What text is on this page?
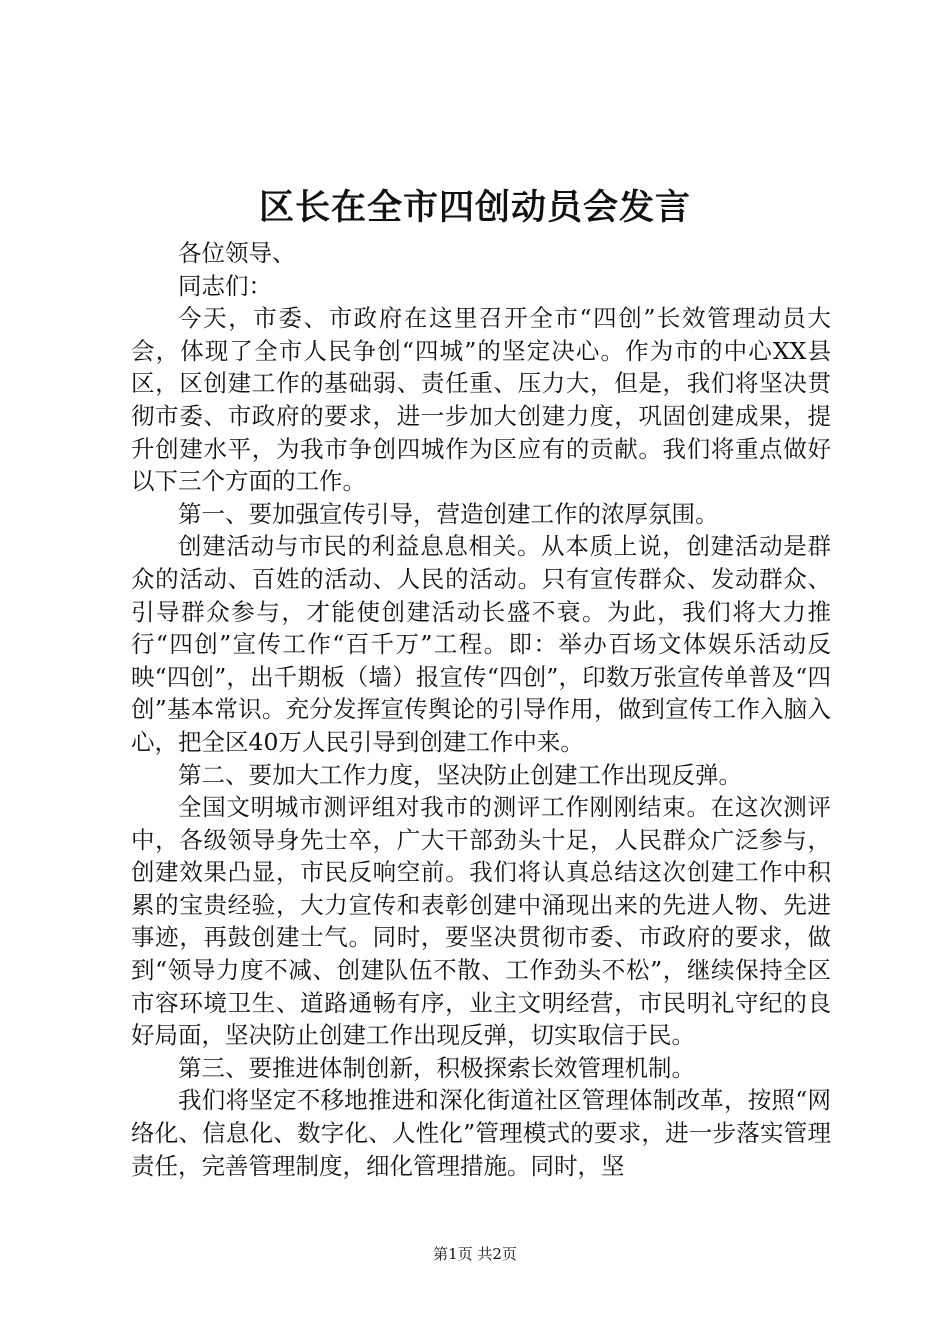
区长在全市四创动员会发言

各位领导、

同志们：

今天，市委、市政府在这里召开全市“四创”长效管理动员大会，体现了全市人民争创“四城”的坚定决心。作为市的中心XX县区，区创建工作的基础弱、责任重、压力大，但是，我们将坚决贯彻市委、市政府的要求，进一步加大创建力度，巩固创建成果，提升创建水平，为我市争创四城作为区应有的贡献。我们将重点做好以下三个方面的工作。

第一、要加强宣传引导，营造创建工作的浓厚氛围。

创建活动与市民的利益息息相关。从本质上说，创建活动是群众的活动、百姓的活动、人民的活动。只有宣传群众、发动群众、引导群众参与，才能使创建活动长盛不衰。为此，我们将大力推行“四创”宣传工作“百千万”工程。即：举办百场文体娱乐活动反映“四创”，出千期板（墙）报宣传“四创”，印数万张宣传单普及“四创”基本常识。充分发挥宣传舆论的引导作用，做到宣传工作入脑入心，把全区40万人民引导到创建工作中来。

第二、要加大工作力度，坚决防止创建工作出现反弹。

全国文明城市测评组对我市的测评工作刚刚结束。在这次测评中，各级领导身先士卒，广大干部劲头十足，人民群众广泛参与，创建效果凸显，市民反响空前。我们将认真总结这次创建工作中积累的宝贵经验，大力宣传和表彰创建中涌现出来的先进人物、先进事迹，再鼓创建士气。同时，要坚决贯彻市委、市政府的要求，做到“领导力度不减、创建队伍不散、工作劲头不松”，继续保持全区市容环境卫生、道路通畅有序，业主文明经营，市民明礼守纪的良好局面，坚决防止创建工作出现反弹，切实取信于民。

第三、要推进体制创新，积极探索长效管理机制。

我们将坚定不移地推进和深化街道社区管理体制改革，按照“网络化、信息化、数字化、人性化”管理模式的要求，进一步落实管理责任，完善管理制度，细化管理措施。同时，坚

第1页 共2页
